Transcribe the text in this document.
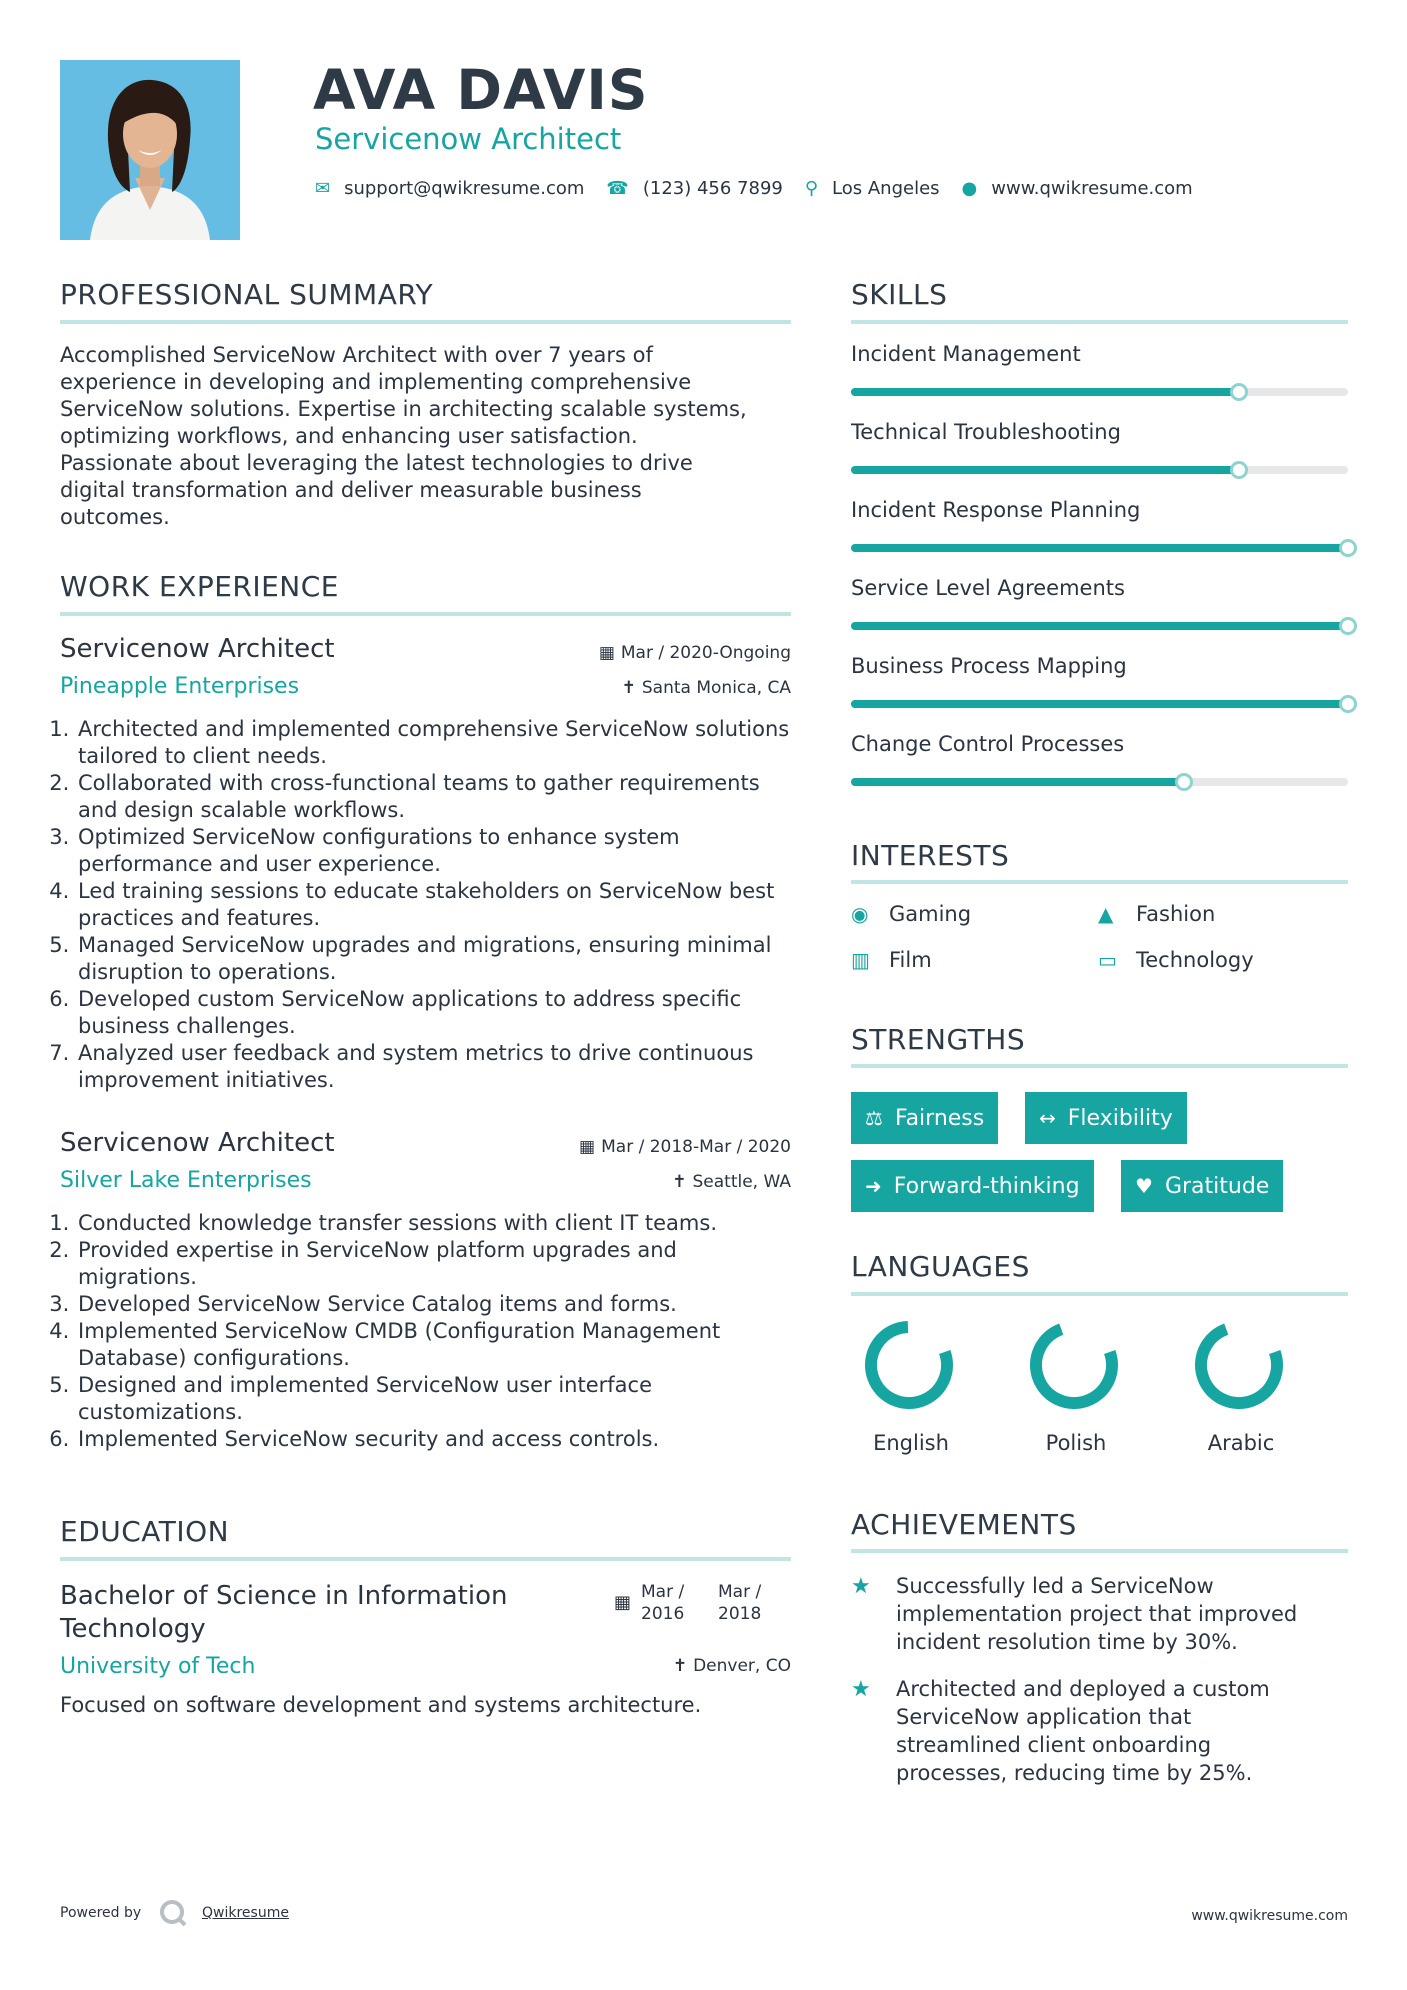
AVA DAVIS
Servicenow Architect
✉ support@qwikresume.com ☎ (123) 456 7899 ⚲ Los Angeles ● www.qwikresume.com
PROFESSIONAL SUMMARY
Accomplished ServiceNow Architect with over 7 years of
experience in developing and implementing comprehensive
ServiceNow solutions. Expertise in architecting scalable systems,
optimizing workflows, and enhancing user satisfaction.
Passionate about leveraging the latest technologies to drive
digital transformation and deliver measurable business
outcomes.
WORK EXPERIENCE
Servicenow Architect	▦ Mar / 2020-Ongoing
Pineapple Enterprises	✝ Santa Monica, CA
1. Architected and implemented comprehensive ServiceNow solutions tailored to client needs.
2. Collaborated with cross-functional teams to gather requirements and design scalable workflows.
3. Optimized ServiceNow configurations to enhance system performance and user experience.
4. Led training sessions to educate stakeholders on ServiceNow best practices and features.
5. Managed ServiceNow upgrades and migrations, ensuring minimal disruption to operations.
6. Developed custom ServiceNow applications to address specific business challenges.
7. Analyzed user feedback and system metrics to drive continuous improvement initiatives.
Servicenow Architect	▦ Mar / 2018-Mar / 2020
Silver Lake Enterprises	✝ Seattle, WA
1. Conducted knowledge transfer sessions with client IT teams.
2. Provided expertise in ServiceNow platform upgrades and migrations.
3. Developed ServiceNow Service Catalog items and forms.
4. Implemented ServiceNow CMDB (Configuration Management Database) configurations.
5. Designed and implemented ServiceNow user interface customizations.
6. Implemented ServiceNow security and access controls.
EDUCATION
Bachelor of Science in Information
Technology
▦ Mar /
2016
Mar /
2018
University of Tech	✝ Denver, CO
Focused on software development and systems architecture.
SKILLS
Incident Management
Technical Troubleshooting
Incident Response Planning
Service Level Agreements
Business Process Mapping
Change Control Processes
INTERESTS
◉ Gaming	▲	Fashion
▥ Film	▭ Technology
STRENGTHS
⚖ Fairness	↔ Flexibility
➜ Forward-thinking	♥ Gratitude
LANGUAGES
English	Polish	Arabic
ACHIEVEMENTS
★ Successfully led a ServiceNow
implementation project that improved
incident resolution time by 30%.
★ Architected and deployed a custom
ServiceNow application that
streamlined client onboarding
processes, reducing time by 25%.
Powered by	Qwikresume	www.qwikresume.com
